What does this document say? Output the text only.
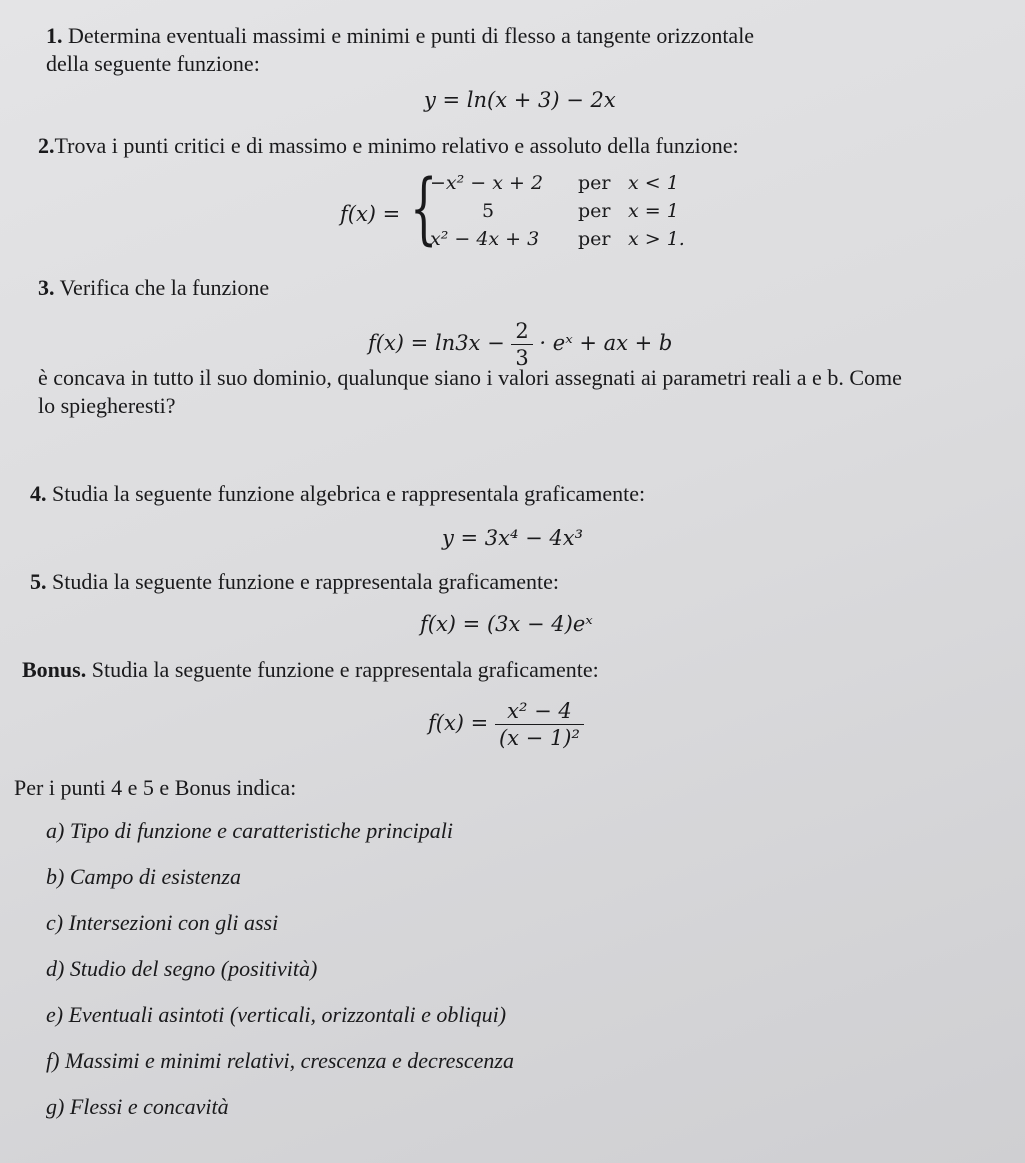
1. Determina eventuali massimi e minimi e punti di flesso a tangente orizzontale
della seguente funzione:
y = ln(x + 3) − 2x
2.Trova i punti critici e di massimo e minimo relativo e assoluto della funzione:
f(x) = {
−x² − x + 2 per x < 1
5	per x = 1
x² − 4x + 3 per x > 1.
3. Verifica che la funzione
$f(x) = \ln 3x - \frac{2}{3}$ · eˣ + ax + b
è concava in tutto il suo dominio, qualunque siano i valori assegnati ai parametri reali a e b. Come
lo spiegheresti?
4. Studia la seguente funzione algebrica e rappresentala graficamente:
y = 3x⁴ − 4x³
5. Studia la seguente funzione e rappresentala graficamente:
f(x) = (3x − 4)eˣ
Bonus. Studia la seguente funzione e rappresentala graficamente:
$f(x) = \frac{\text{x² − 4}}{\text{(x − 1)²}}$
Per i punti 4 e 5 e Bonus indica:
a) Tipo di funzione e caratteristiche principali
b) Campo di esistenza
c) Intersezioni con gli assi
d) Studio del segno (positività)
e) Eventuali asintoti (verticali, orizzontali e obliqui)
f) Massimi e minimi relativi, crescenza e decrescenza
g) Flessi e concavità
